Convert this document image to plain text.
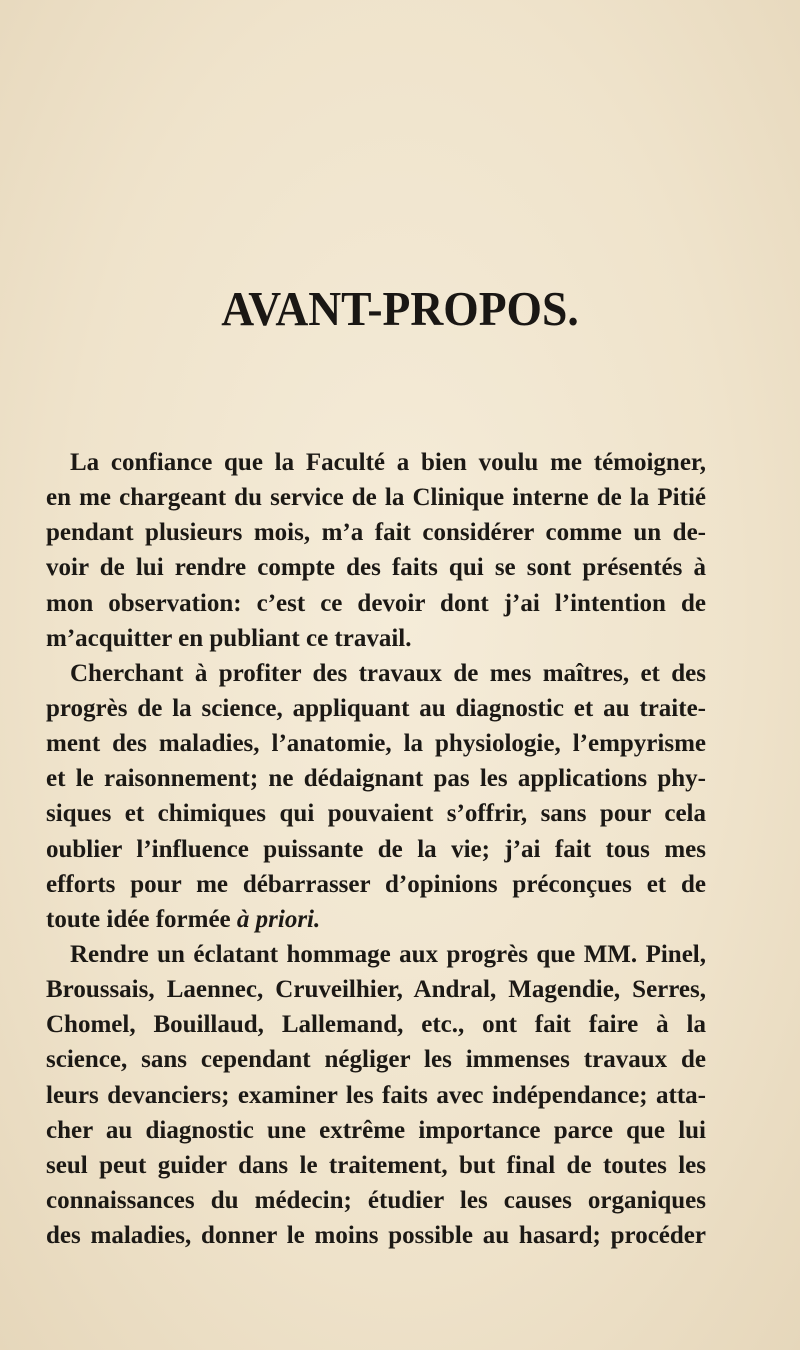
AVANT-PROPOS.
La confiance que la Faculté a bien voulu me témoigner,
en me chargeant du service de la Clinique interne de la Pitié
pendant plusieurs mois, m’a fait considérer comme un de-
voir de lui rendre compte des faits qui se sont présentés à
mon observation: c’est ce devoir dont j’ai l’intention de
m’acquitter en publiant ce travail.
Cherchant à profiter des travaux de mes maîtres, et des
progrès de la science, appliquant au diagnostic et au traite-
ment des maladies, l’anatomie, la physiologie, l’empyrisme
et le raisonnement; ne dédaignant pas les applications phy-
siques et chimiques qui pouvaient s’offrir, sans pour cela
oublier l’influence puissante de la vie; j’ai fait tous mes
efforts pour me débarrasser d’opinions préconçues et de
toute idée formée à priori.
Rendre un éclatant hommage aux progrès que MM. Pinel,
Broussais, Laennec, Cruveilhier, Andral, Magendie, Serres,
Chomel, Bouillaud, Lallemand, etc., ont fait faire à la
science, sans cependant négliger les immenses travaux de
leurs devanciers; examiner les faits avec indépendance; atta-
cher au diagnostic une extrême importance parce que lui
seul peut guider dans le traitement, but final de toutes les
connaissances du médecin; étudier les causes organiques
des maladies, donner le moins possible au hasard; procéder
